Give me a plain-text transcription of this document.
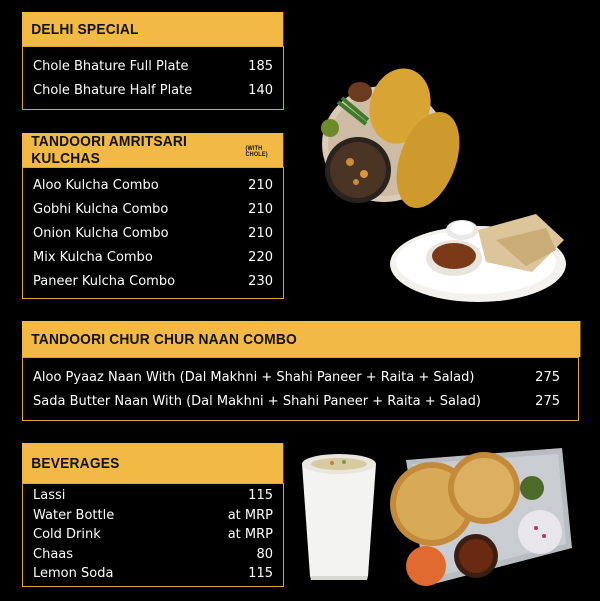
DELHI SPECIAL
Chole Bhature Full Plate	185
Chole Bhature Half Plate	140
TANDOORI AMRITSARI KULCHAS
(WITH CHOLE)
Aloo Kulcha Combo	210
Gobhi Kulcha Combo	210
Onion Kulcha Combo	210
Mix Kulcha Combo	220
Paneer Kulcha Combo	230
TANDOORI CHUR CHUR NAAN COMBO
Aloo Pyaaz Naan With (Dal Makhni + Shahi Paneer + Raita + Salad)	275
Sada Butter Naan With (Dal Makhni + Shahi Paneer + Raita + Salad)	275
BEVERAGES
Lassi	115
Water Bottle	at MRP
Cold Drink	at MRP
Chaas	80
Lemon Soda	115
